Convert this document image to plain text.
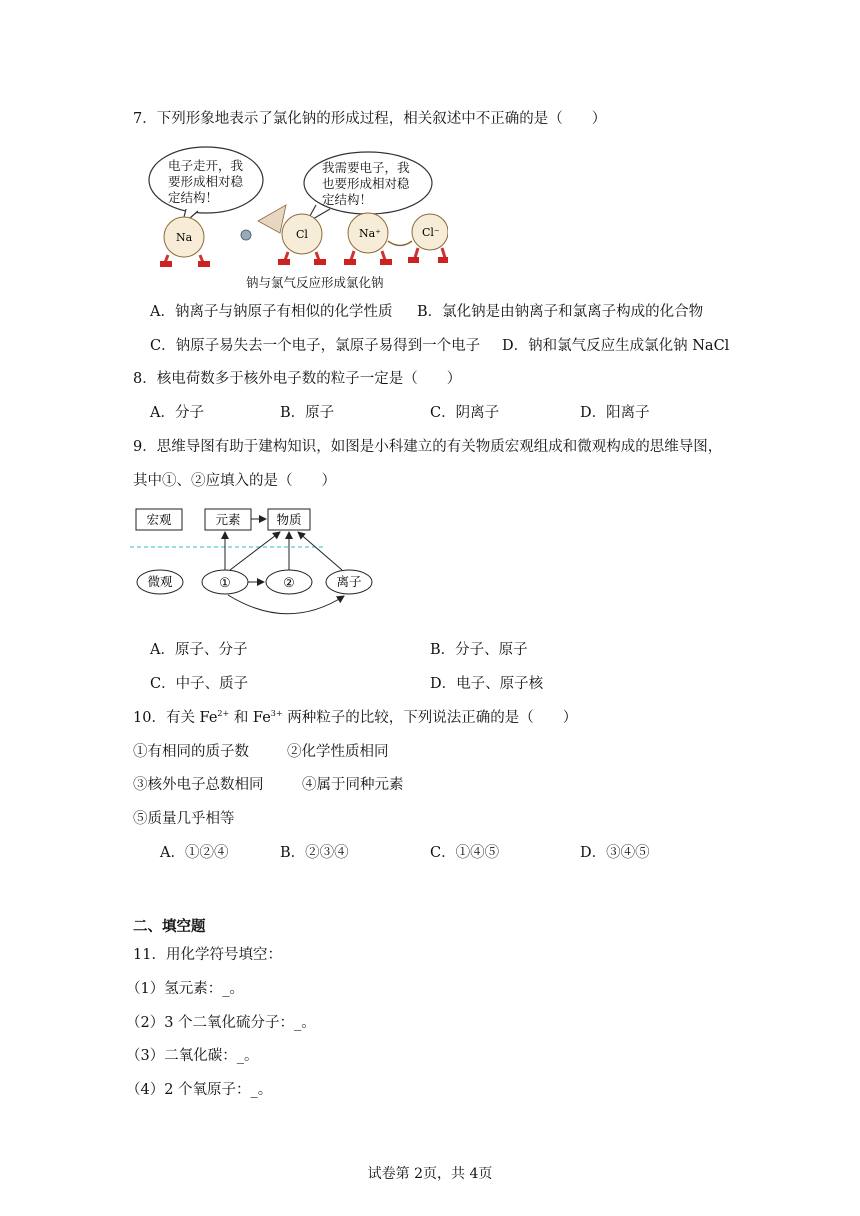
7．下列形象地表示了氯化钠的形成过程，相关叙述中不正确的是（　　）
电子走开，我 要形成相对稳 定结构！
我需要电子，我 也要形成相对稳 定结构！
Na	Cl	Na⁺	Cl⁻
钠与氯气反应形成氯化钠
A．钠离子与钠原子有相似的化学性质 B．氯化钠是由钠离子和氯离子构成的化合物
C．钠原子易失去一个电子，氯原子易得到一个电子 D．钠和氯气反应生成氯化钠 NaCl
8．核电荷数多于核外电子数的粒子一定是（　　）
A．分子	B．原子	C．阴离子	D．阳离子
9．思维导图有助于建构知识，如图是小科建立的有关物质宏观组成和微观构成的思维导图，
其中①、②应填入的是（　　）
宏观	元素	物质
微观	①	②	离子
A．原子、分子	B．分子、原子
C．中子、质子	D．电子、原子核
10．有关 $Fe^{2+}$ 和 $Fe^{3+}$ 两种粒子的比较，下列说法正确的是（　　）
①有相同的质子数	②化学性质相同
③核外电子总数相同	④属于同种元素
⑤质量几乎相等
A．①②④	B．②③④	C．①④⑤	D．③④⑤
二、填空题
11．用化学符号填空：
（1）氢元素：_。
（2）3 个二氧化硫分子：_。
（3）二氧化碳：_。
（4）2 个氧原子：_。
试卷第 2页，共 4页
